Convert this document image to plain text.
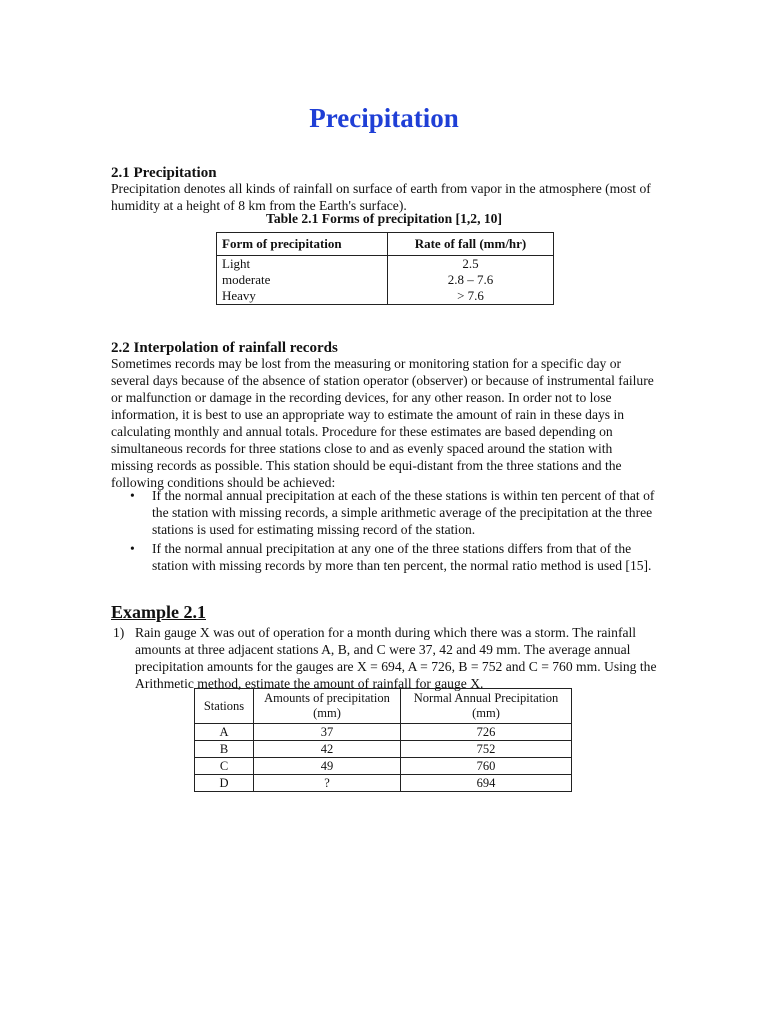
Precipitation
2.1 Precipitation
Precipitation denotes all kinds of rainfall on surface of earth from vapor in the atmosphere (most of humidity at a height of 8 km from the Earth's surface).
Table 2.1 Forms of precipitation [1,2, 10]
Form of precipitation	Rate of fall (mm/hr)
Light	2.5
moderate	2.8 – 7.6
Heavy	> 7.6
2.2 Interpolation of rainfall records
Sometimes records may be lost from the measuring or monitoring station for a specific day or several days because of the absence of station operator (observer) or because of instrumental failure or malfunction or damage in the recording devices, for any other reason. In order not to lose information, it is best to use an appropriate way to estimate the amount of rain in these days in calculating monthly and annual totals. Procedure for these estimates are based depending on simultaneous records for three stations close to and as evenly spaced around the station with missing records as possible. This station should be equi-distant from the three stations and the following conditions should be achieved:
• If the normal annual precipitation at each of the these stations is within ten percent of that of the station with missing records, a simple arithmetic average of the precipitation at the three stations is used for estimating missing record of the station.
• If the normal annual precipitation at any one of the three stations differs from that of the station with missing records by more than ten percent, the normal ratio method is used [15].
Example 2.1
1) Rain gauge X was out of operation for a month during which there was a storm. The rainfall amounts at three adjacent stations A, B, and C were 37, 42 and 49 mm. The average annual precipitation amounts for the gauges are X = 694, A = 726, B = 752 and C = 760 mm. Using the Arithmetic method, estimate the amount of rainfall for gauge X.
Stations	Amounts of precipitation (mm)	Normal Annual Precipitation (mm)
A	37	726
B	42	752
C	49	760
D	?	694
